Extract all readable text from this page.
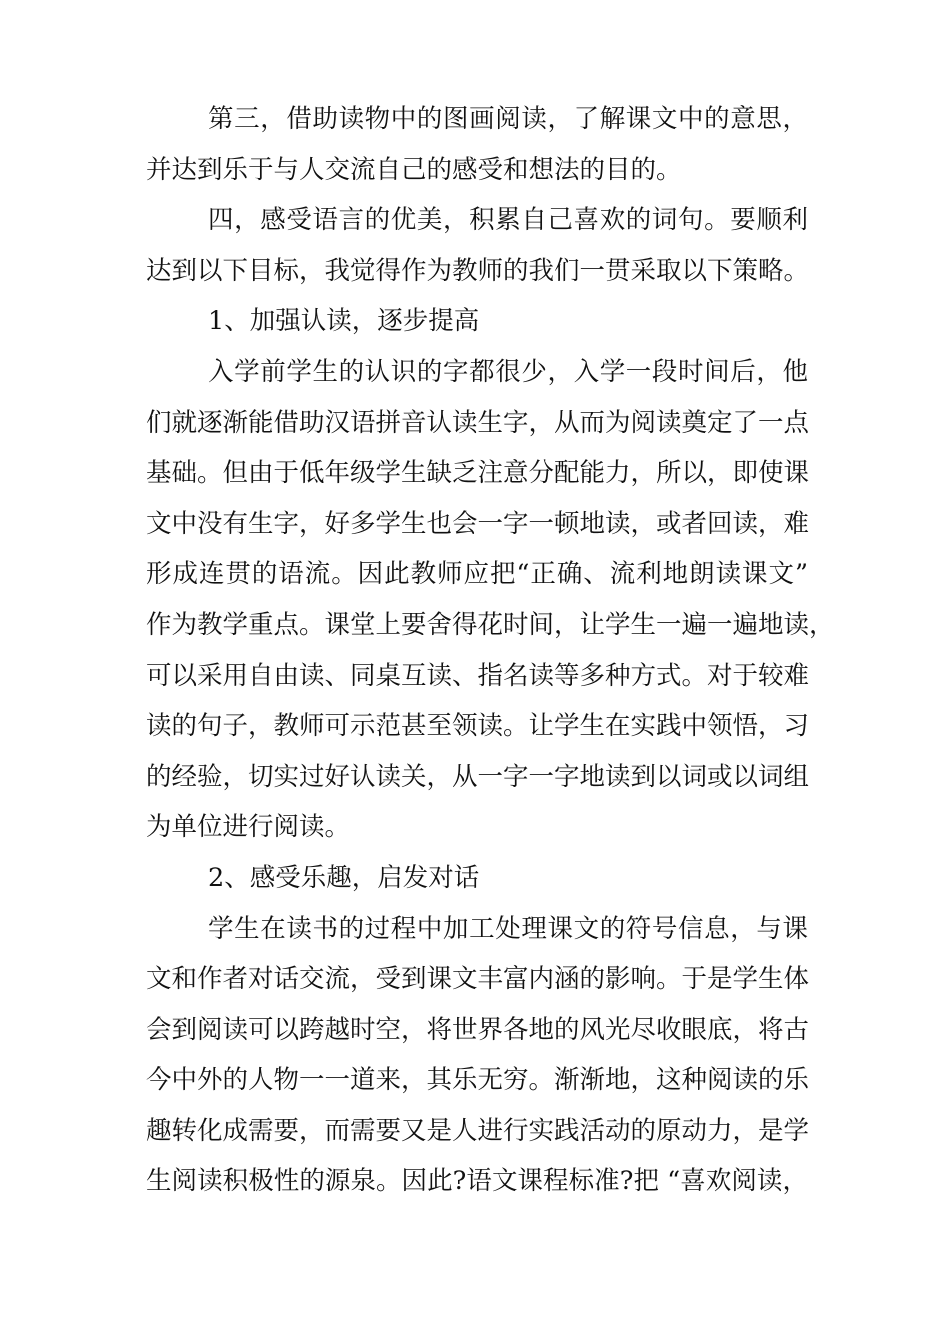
第三，借助读物中的图画阅读，了解课文中的意思，
并达到乐于与人交流自己的感受和想法的目的。
四，感受语言的优美，积累自己喜欢的词句。要顺利
达到以下目标，我觉得作为教师的我们一贯采取以下策略。
1、加强认读，逐步提高
入学前学生的认识的字都很少，入学一段时间后，他
们就逐渐能借助汉语拼音认读生字，从而为阅读奠定了一点
基础。但由于低年级学生缺乏注意分配能力，所以，即使课
文中没有生字，好多学生也会一字一顿地读，或者回读，难
形成连贯的语流。因此教师应把“正确、流利地朗读课文”
作为教学重点。课堂上要舍得花时间，让学生一遍一遍地读，
可以采用自由读、同桌互读、指名读等多种方式。对于较难
读的句子，教师可示范甚至领读。让学生在实践中领悟，习
的经验，切实过好认读关，从一字一字地读到以词或以词组
为单位进行阅读。
2、感受乐趣，启发对话
学生在读书的过程中加工处理课文的符号信息，与课
文和作者对话交流，受到课文丰富内涵的影响。于是学生体
会到阅读可以跨越时空，将世界各地的风光尽收眼底，将古
今中外的人物一一道来，其乐无穷。渐渐地，这种阅读的乐
趣转化成需要，而需要又是人进行实践活动的原动力，是学
生阅读积极性的源泉。因此?语文课程标准?把 “喜欢阅读，
